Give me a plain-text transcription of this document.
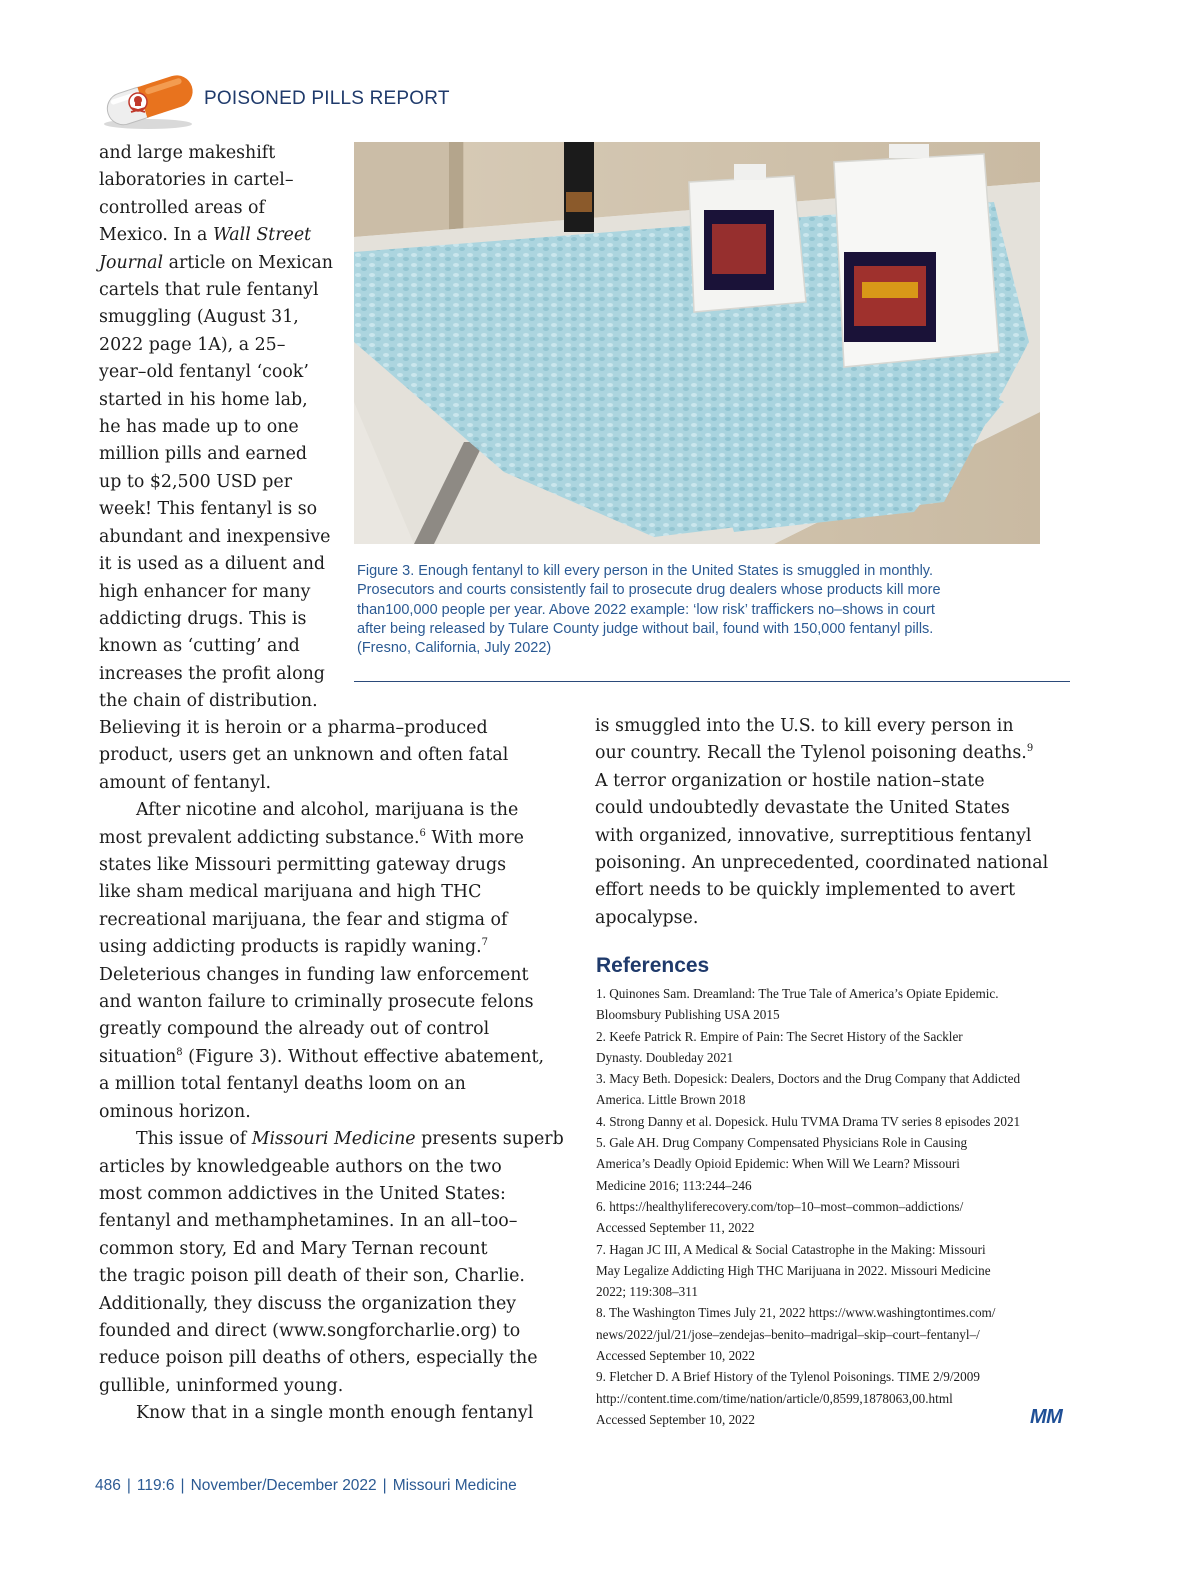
POISONED PILLS REPORT
Figure 3. Enough fentanyl to kill every person in the United States is smuggled in monthly.
Prosecutors and courts consistently fail to prosecute drug dealers whose products kill more
than100,000 people per year. Above 2022 example: ‘low risk’ traffickers no–shows in court
after being released by Tulare County judge without bail, found with 150,000 fentanyl pills.
(Fresno, California, July 2022)
and large makeshift
laboratories in cartel–
controlled areas of
Mexico. In a Wall Street
Journal article on Mexican
cartels that rule fentanyl
smuggling (August 31,
2022 page 1A), a 25–
year–old fentanyl ‘cook’
started in his home lab,
he has made up to one
million pills and earned
up to $2,500 USD per
week! This fentanyl is so
abundant and inexpensive
it is used as a diluent and
high enhancer for many
addicting drugs. This is
known as ‘cutting’ and
increases the profit along
the chain of distribution.
Believing it is heroin or a pharma–produced
product, users get an unknown and often fatal
amount of fentanyl.
After nicotine and alcohol, marijuana is the
most prevalent addicting substance.$^6$ With more
states like Missouri permitting gateway drugs
like sham medical marijuana and high THC
recreational marijuana, the fear and stigma of
using addicting products is rapidly waning.$^7$
Deleterious changes in funding law enforcement
and wanton failure to criminally prosecute felons
greatly compound the already out of control
situation$^8$ (Figure 3). Without effective abatement,
a million total fentanyl deaths loom on an
ominous horizon.
This issue of Missouri Medicine presents superb
articles by knowledgeable authors on the two
most common addictives in the United States:
fentanyl and methamphetamines. In an all–too–
common story, Ed and Mary Ternan recount
the tragic poison pill death of their son, Charlie.
Additionally, they discuss the organization they
founded and direct (www.songforcharlie.org) to
reduce poison pill deaths of others, especially the
gullible, uninformed young.
Know that in a single month enough fentanyl
is smuggled into the U.S. to kill every person in
our country. Recall the Tylenol poisoning deaths.$^9$
A terror organization or hostile nation–state
could undoubtedly devastate the United States
with organized, innovative, surreptitious fentanyl
poisoning. An unprecedented, coordinated national
effort needs to be quickly implemented to avert
apocalypse.
References
1. Quinones Sam. Dreamland: The True Tale of America’s Opiate Epidemic.
Bloomsbury Publishing USA 2015
2. Keefe Patrick R. Empire of Pain: The Secret History of the Sackler
Dynasty. Doubleday 2021
3. Macy Beth. Dopesick: Dealers, Doctors and the Drug Company that Addicted
America. Little Brown 2018
4. Strong Danny et al. Dopesick. Hulu TVMA Drama TV series 8 episodes 2021
5. Gale AH. Drug Company Compensated Physicians Role in Causing
America’s Deadly Opioid Epidemic: When Will We Learn? Missouri
Medicine 2016; 113:244–246
6. https://healthyliferecovery.com/top–10–most–common–addictions/
Accessed September 11, 2022
7. Hagan JC III, A Medical & Social Catastrophe in the Making: Missouri
May Legalize Addicting High THC Marijuana in 2022. Missouri Medicine
2022; 119:308–311
8. The Washington Times July 21, 2022 https://www.washingtontimes.com/
news/2022/jul/21/jose–zendejas–benito–madrigal–skip–court–fentanyl–/
Accessed September 10, 2022
9. Fletcher D. A Brief History of the Tylenol Poisonings. TIME 2/9/2009
http://content.time.com/time/nation/article/0,8599,1878063,00.html
Accessed September 10, 2022	MM
486 | 119:6 | November/December 2022 | Missouri Medicine
